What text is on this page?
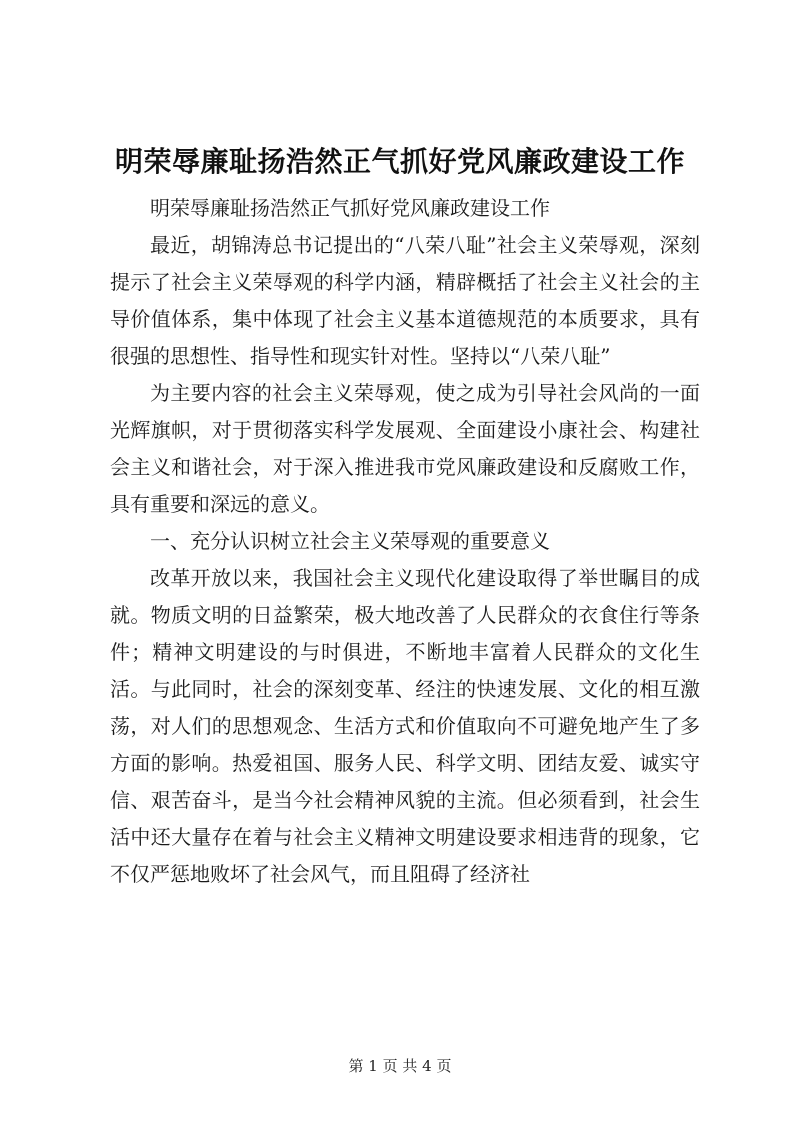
明荣辱廉耻扬浩然正气抓好党风廉政建设工作

明荣辱廉耻扬浩然正气抓好党风廉政建设工作

最近，胡锦涛总书记提出的“八荣八耻”社会主义荣辱观，深刻提示了社会主义荣辱观的科学内涵，精辟概括了社会主义社会的主导价值体系，集中体现了社会主义基本道德规范的本质要求，具有很强的思想性、指导性和现实针对性。坚持以“八荣八耻”

为主要内容的社会主义荣辱观，使之成为引导社会风尚的一面光辉旗帜，对于贯彻落实科学发展观、全面建设小康社会、构建社会主义和谐社会，对于深入推进我市党风廉政建设和反腐败工作，具有重要和深远的意义。

一、充分认识树立社会主义荣辱观的重要意义

改革开放以来，我国社会主义现代化建设取得了举世瞩目的成就。物质文明的日益繁荣，极大地改善了人民群众的衣食住行等条件；精神文明建设的与时俱进，不断地丰富着人民群众的文化生活。与此同时，社会的深刻变革、经注的快速发展、文化的相互激荡，对人们的思想观念、生活方式和价值取向不可避免地产生了多方面的影响。热爱祖国、服务人民、科学文明、团结友爱、诚实守信、艰苦奋斗，是当今社会精神风貌的主流。但必须看到，社会生活中还大量存在着与社会主义精神文明建设要求相违背的现象，它不仅严惩地败坏了社会风气，而且阻碍了经济社

第 1 页 共 4 页
